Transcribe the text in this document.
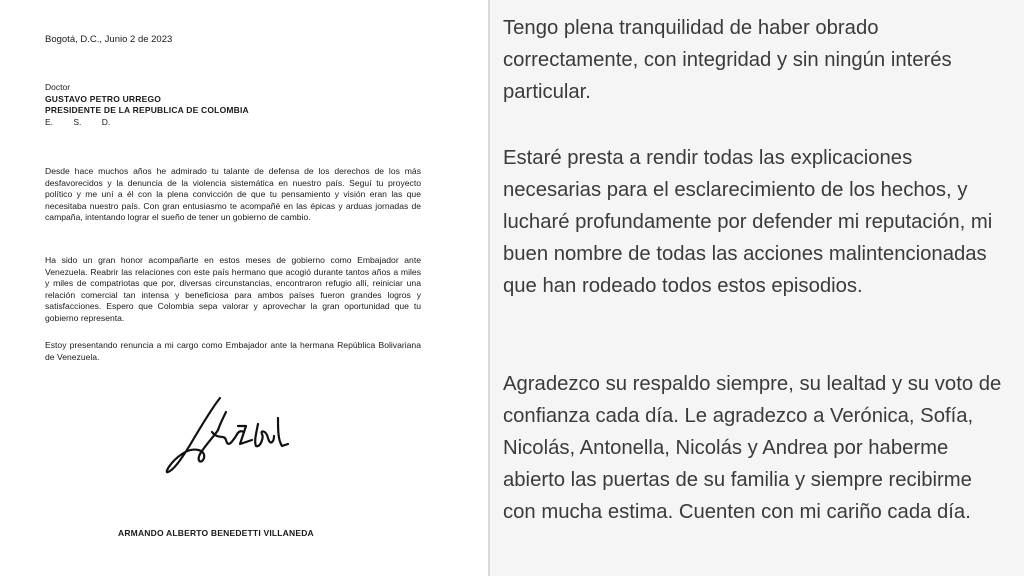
Bogotá, D.C., Junio 2 de 2023
Doctor
GUSTAVO PETRO URREGO
PRESIDENTE DE LA REPUBLICA DE COLOMBIA
E. S. D.

Desde hace muchos años he admirado tu talante de defensa de los derechos de los más desfavorecidos y la denuncia de la violencia sistemática en nuestro país. Seguí tu proyecto político y me uní a él con la plena convicción de que tu pensamiento y visión eran las que necesitaba nuestro país. Con gran entusiasmo te acompañé en las épicas y arduas jornadas de campaña, intentando lograr el sueño de tener un gobierno de cambio.

Ha sido un gran honor acompañarte en estos meses de gobierno como Embajador ante Venezuela. Reabrir las relaciones con este país hermano que acogió durante tantos años a miles y miles de compatriotas que por, diversas circunstancias, encontraron refugio allí, reiniciar una relación comercial tan intensa y beneficiosa para ambos países fueron grandes logros y satisfacciones. Espero que Colombia sepa valorar y aprovechar la gran oportunidad que tu gobierno representa.

Estoy presentando renuncia a mi cargo como Embajador ante la hermana República Bolivariana de Venezuela.

ARMANDO ALBERTO BENEDETTI VILLANEDA

Tengo plena tranquilidad de haber obrado correctamente, con integridad y sin ningún interés particular.

Estaré presta a rendir todas las explicaciones necesarias para el esclarecimiento de los hechos, y lucharé profundamente por defender mi reputación, mi buen nombre de todas las acciones malintencionadas que han rodeado todos estos episodios.

Agradezco su respaldo siempre, su lealtad y su voto de confianza cada día. Le agradezco a Verónica, Sofía, Nicolás, Antonella, Nicolás y Andrea por haberme abierto las puertas de su familia y siempre recibirme con mucha estima. Cuenten con mi cariño cada día.
